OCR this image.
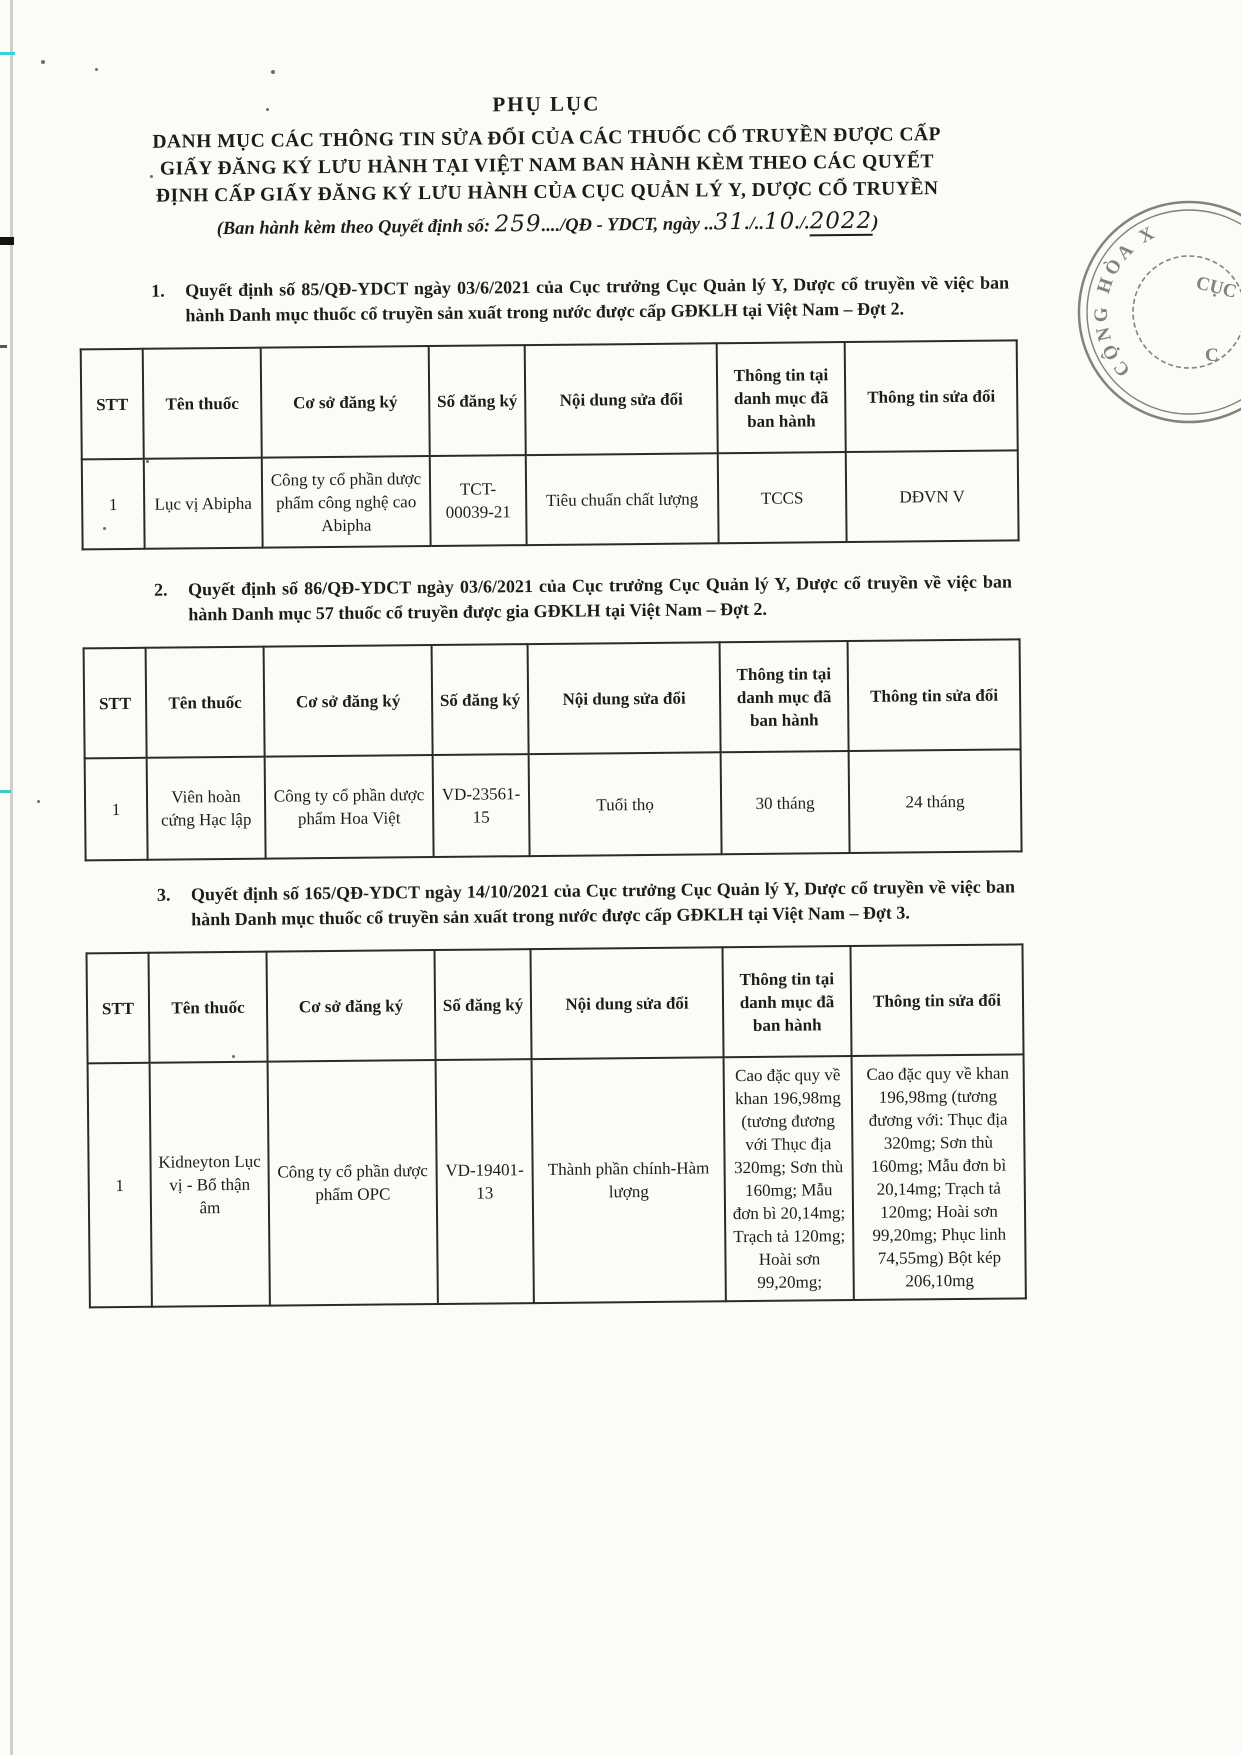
CỘNG HÒA X
CỤC
C

PHỤ LỤC

DANH MỤC CÁC THÔNG TIN SỬA ĐỔI CỦA CÁC THUỐC CỔ TRUYỀN ĐƯỢC CẤP

GIẤY ĐĂNG KÝ LƯU HÀNH TẠI VIỆT NAM BAN HÀNH KÈM THEO CÁC QUYẾT

ĐỊNH CẤP GIẤY ĐĂNG KÝ LƯU HÀNH CỦA CỤC QUẢN LÝ Y, DƯỢC CỔ TRUYỀN

(Ban hành kèm theo Quyết định số: 259..../QĐ - YDCT, ngày ..31./..10./.2022)

1.	Quyết định số 85/QĐ-YDCT ngày 03/6/2021 của Cục trưởng Cục Quản lý Y, Dược cổ truyền về việc ban hành Danh mục thuốc cổ truyền sản xuất trong nước được cấp GĐKLH tại Việt Nam – Đợt 2.
STT	Tên thuốc	Cơ sở đăng ký	Số đăng ký	Nội dung sửa đổi	Thông tin tại danh mục đã ban hành	Thông tin sửa đổi
1	Lục vị Abipha	Công ty cổ phần dược phẩm công nghệ cao Abipha	TCT-00039-21	Tiêu chuẩn chất lượng	TCCS	DĐVN V
2.	Quyết định số 86/QĐ-YDCT ngày 03/6/2021 của Cục trưởng Cục Quản lý Y, Dược cổ truyền về việc ban hành Danh mục 57 thuốc cổ truyền được gia GĐKLH tại Việt Nam – Đợt 2.
STT	Tên thuốc	Cơ sở đăng ký	Số đăng ký	Nội dung sửa đổi	Thông tin tại danh mục đã ban hành	Thông tin sửa đổi
1	Viên hoàn cứng Hạc lập	Công ty cổ phần dược phẩm Hoa Việt	VD-23561-15	Tuổi thọ	30 tháng	24 tháng
3.	Quyết định số 165/QĐ-YDCT ngày 14/10/2021 của Cục trưởng Cục Quản lý Y, Dược cổ truyền về việc ban hành Danh mục thuốc cổ truyền sản xuất trong nước được cấp GĐKLH tại Việt Nam – Đợt 3.
STT	Tên thuốc	Cơ sở đăng ký	Số đăng ký	Nội dung sửa đổi	Thông tin tại danh mục đã ban hành	Thông tin sửa đổi
1	Kidneyton Lục vị - Bổ thận âm	Công ty cổ phần dược phẩm OPC	VD-19401-13	Thành phần chính-Hàm lượng	Cao đặc quy về khan 196,98mg (tương đương với Thục địa 320mg; Sơn thù 160mg; Mẫu đơn bì 20,14mg; Trạch tả 120mg; Hoài sơn 99,20mg;	Cao đặc quy về khan 196,98mg (tương đương với: Thục địa 320mg; Sơn thù 160mg; Mẫu đơn bì 20,14mg; Trạch tả 120mg; Hoài sơn 99,20mg; Phục linh 74,55mg) Bột kép 206,10mg
